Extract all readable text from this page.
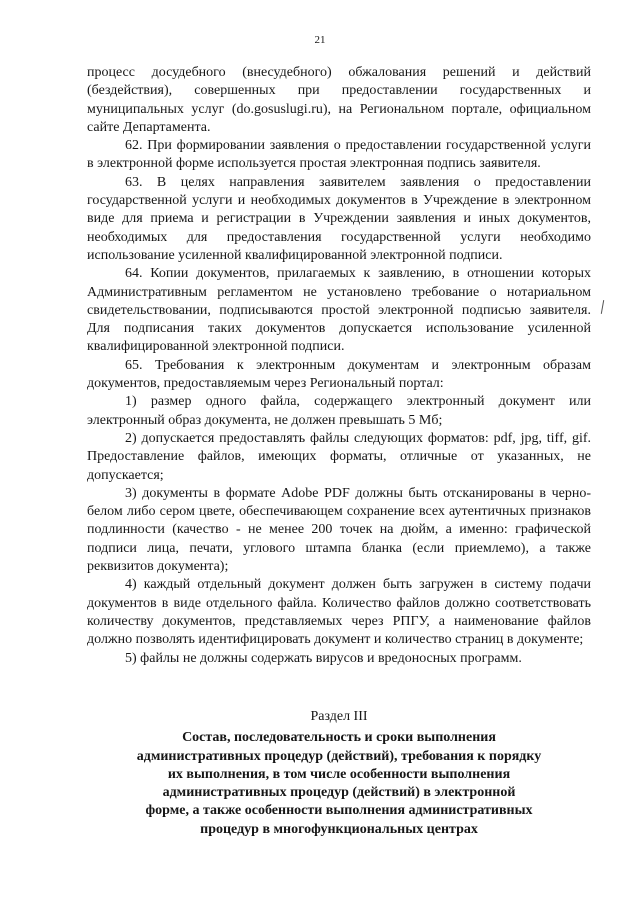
21

процесс досудебного (внесудебного) обжалования решений и действий (бездействия), совершенных при предоставлении государственных и муниципальных услуг (do.gosuslugi.ru), на Региональном портале, официальном сайте Департамента.

62. При формировании заявления о предоставлении государственной услуги в электронной форме используется простая электронная подпись заявителя.

63. В целях направления заявителем заявления о предоставлении государственной услуги и необходимых документов в Учреждение в электронном виде для приема и регистрации в Учреждении заявления и иных документов, необходимых для предоставления государственной услуги необходимо использование усиленной квалифицированной электронной подписи.

64. Копии документов, прилагаемых к заявлению, в отношении которых Административным регламентом не установлено требование о нотариальном свидетельствовании, подписываются простой электронной подписью заявителя. Для подписания таких документов допускается использование усиленной квалифицированной электронной подписи.

65. Требования к электронным документам и электронным образам документов, предоставляемым через Региональный портал:

1) размер одного файла, содержащего электронный документ или электронный образ документа, не должен превышать 5 Мб;

2) допускается предоставлять файлы следующих форматов: pdf, jpg, tiff, gif. Предоставление файлов, имеющих форматы, отличные от указанных, не допускается;

3) документы в формате Adobe PDF должны быть отсканированы в черно-белом либо сером цвете, обеспечивающем сохранение всех аутентичных признаков подлинности (качество - не менее 200 точек на дюйм, а именно: графической подписи лица, печати, углового штампа бланка (если приемлемо), а также реквизитов документа);

4) каждый отдельный документ должен быть загружен в систему подачи документов в виде отдельного файла. Количество файлов должно соответствовать количеству документов, представляемых через РПГУ, а наименование файлов должно позволять идентифицировать документ и количество страниц в документе;

5) файлы не должны содержать вирусов и вредоносных программ.

Раздел III

Состав, последовательность и сроки выполнения
административных процедур (действий), требования к порядку
их выполнения, в том числе особенности выполнения
административных процедур (действий) в электронной
форме, а также особенности выполнения административных
процедур в многофункциональных центрах
